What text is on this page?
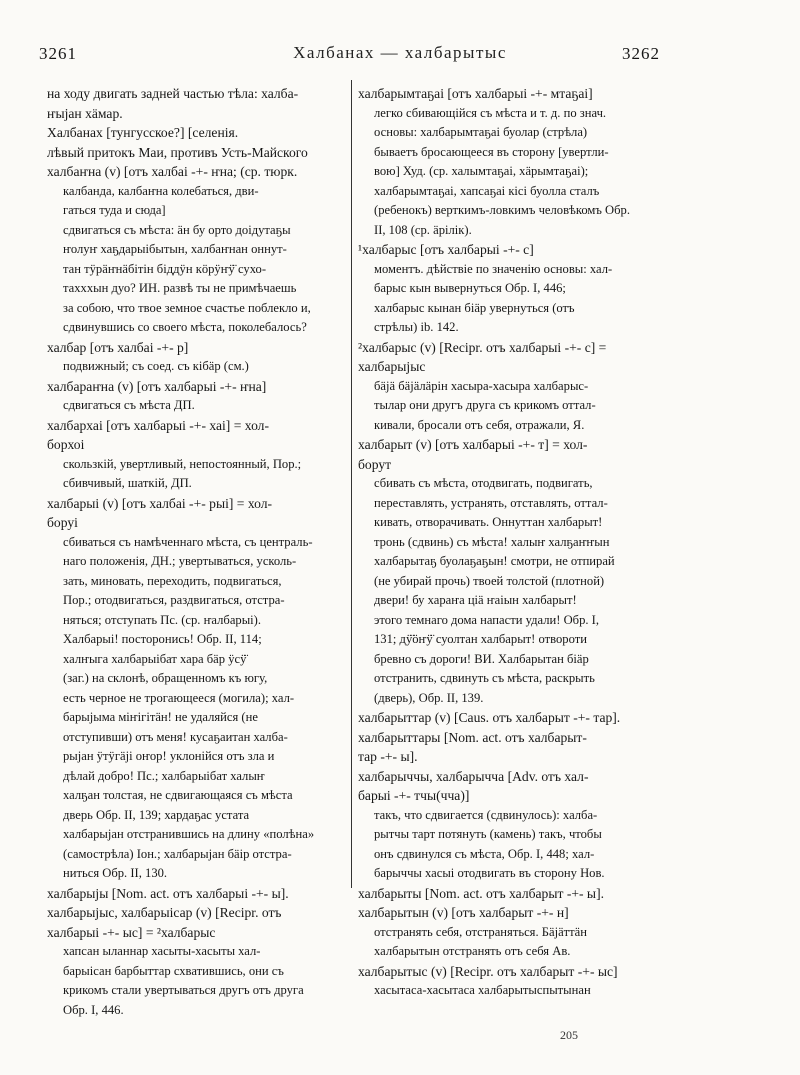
3261	Халбанах — халбарытыс	3262
на ходу двигать задней частью тѣла: халба-
ҥыјан хӓмар.
Халбанах [тунгусское?] [селенія.
лѣвый притокъ Маи, противъ Усть-Майского
халбаҥна (v) [отъ халбаі -+- ҥна; (ср. тюрк.
калбанда, калбаҥна колебаться, дви-
гаться туда и сюда]
сдвигаться съ мѣста: ӓн бу орто доідутаҕы
ҥолуҥ хаҕдарыібытын, халбаҥнан оннут-
тан тӱрӓҥнӓбітін біддӱн кӧрӱҥӱ̈ сухо-
тахххын дуо? ИН. развѣ ты не примѣчаешь
за собою, что твое земное счастье поблекло и,
сдвинувшись со своего мѣста, поколебалось?
халбар [отъ халбаі -+- р]
подвижный; съ соед. съ кібӓр (см.)
халбараҥна (v) [отъ халбарыі -+- ҥна]
сдвигаться съ мѣста ДП.
халбархаі [отъ халбарыі -+- хаі] = хол-
борхоі
скользкій, увертливый, непостоянный, Пор.;
сбивчивый, шаткій, ДП.
халбарыі (v) [отъ халбаі -+- рыі] = хол-
боруі
сбиваться съ намѣченнаго мѣста, съ централь-
наго положенія, ДН.; увертываться, усколь-
зать, миновать, переходить, подвигаться,
Пор.; отодвигаться, раздвигаться, отстра-
няться; отступать Пс. (ср. ҥалбарыі).
Халбарыі! посторонись! Обр. II, 114;
халҥыга халбарыібат хара бӓр ӱсӱ̈
(заг.) на склонѣ, обращенномъ къ югу,
есть черное не трогающееся (могила); хал-
барыјыма міҥігітӓн! не удаляйся (не
отступивши) отъ меня! кусаҕаитан халба-
рыјан ӱтӱгӓјі оҥор! уклонійся отъ зла и
дѣлай добро! Пс.; халбарыібат халыҥ
халҕан толстая, не сдвигающаяся съ мѣста
дверь Обр. II, 139; хардаҕас устата
халбарыјан отстранившись на длину «полѣна»
(самострѣла) Іон.; халбарыјан бӓір отстра-
ниться Обр. II, 130.
халбарыјы [Nom. act. отъ халбарыі -+- ы].
халбарыјыс, халбарыісар (v) [Recipr. отъ
халбарыі -+- ыс] = ²халбарыс
хапсан ыланнар хасыты-хасыты хал-
барыісан барбыттар схватившись, они съ
крикомъ стали увертываться другъ отъ друга
Обр. I, 446.
халбарымтаҕаі [отъ халбарыі -+- мтаҕаі]
легко сбивающійся съ мѣста и т. д. по знач.
основы: халбарымтаҕаі буолар (стрѣла)
бываетъ бросающееся въ сторону [увертли-
вою] Худ. (ср. халымтаҕаі, хӓрымтаҕаі);
халбарымтаҕаі, хапсаҕаі кісі буолла сталъ
(ребенокъ) верткимъ-ловкимъ человѣкомъ Обр.
II, 108 (ср. ӓрілік).
¹халбарыс [отъ халбарыі -+- с]
моментъ. дѣйствіе по значенію основы: хал-
барыс кын вывернуться Обр. I, 446;
халбарыс кынан біӓр увернуться (отъ
стрѣлы) ib. 142.
²халбарыс (v) [Recipr. отъ халбарыі -+- с] =
халбарыјыс
бӓјӓ бӓјӓлӓрін хасыра-хасыра халбарыс-
тылар они другъ друга съ крикомъ оттал-
кивали, бросали отъ себя, отражали, Я.
халбарыт (v) [отъ халбарыі -+- т] = хол-
борут
сбивать съ мѣста, отодвигать, подвигать,
переставлять, устранять, отставлять, оттал-
кивать, отворачивать. Оннуттан халбарыт!
тронь (сдвинь) съ мѣста! халыҥ халҕаҥҥын
халбарытаҕ буолаҕаҕын! смотри, не отпирай
(не убирай прочь) твоей толстой (плотной)
двери! бу хараҥа ціӓ ҥаіын халбарыт!
этого темнаго дома напасти удали! Обр. I,
131; дӱ̈ӧҥӱ̈ суолтан халбарыт! отвороти
бревно съ дороги! ВИ. Халбарытан біӓр
отстранить, сдвинуть съ мѣста, раскрыть
(дверь), Обр. II, 139.
халбарыттар (v) [Caus. отъ халбарыт -+- тар].
халбарыттары [Nom. act. отъ халбарыт-
тар -+- ы].
халбарыччы, халбарычча [Adv. отъ хал-
барыі -+- тчы(чча)]
такъ, что сдвигается (сдвинулось): халба-
рытчы тарт потянуть (камень) такъ, чтобы
онъ сдвинулся съ мѣста, Обр. I, 448; хал-
барыччы хасыі отодвигать въ сторону Нов.
халбарыты [Nom. act. отъ халбарыт -+- ы].
халбарытын (v) [отъ халбарыт -+- н]
отстранять себя, отстраняться. Бӓјӓттӓн
халбарытын отстранять отъ себя Ав.
халбарытыс (v) [Recipr. отъ халбарыт -+- ыс]
хасытаса-хасытаса халбарытыспытынан
205
